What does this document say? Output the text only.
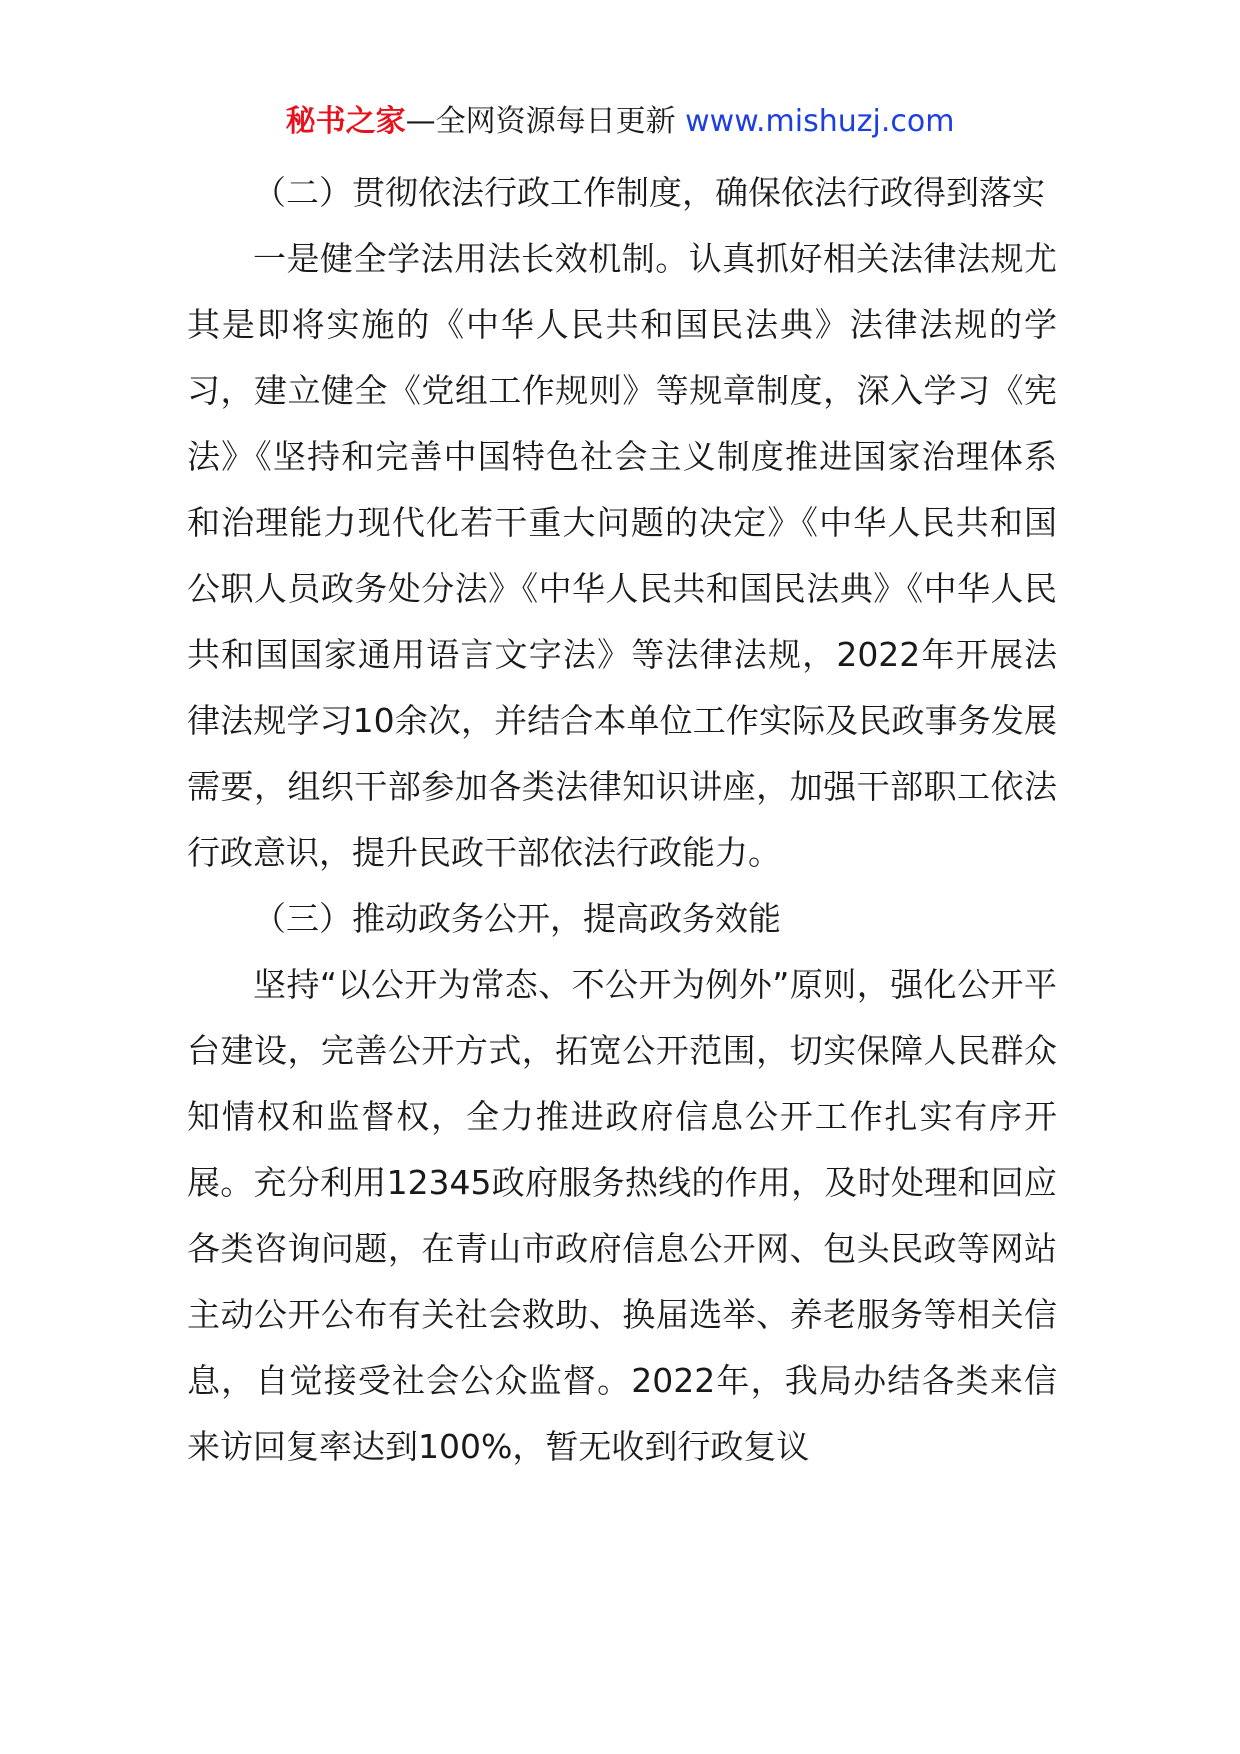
秘书之家—全网资源每日更新 www.mishuzj.com

（二）贯彻依法行政工作制度，确保依法行政得到落实

一是健全学法用法长效机制。认真抓好相关法律法规尤其是即将实施的《中华人民共和国民法典》法律法规的学习，建立健全《党组工作规则》等规章制度，深入学习《宪法》《坚持和完善中国特色社会主义制度推进国家治理体系和治理能力现代化若干重大问题的决定》《中华人民共和国公职人员政务处分法》《中华人民共和国民法典》《中华人民共和国国家通用语言文字法》等法律法规，2022年开展法律法规学习10余次，并结合本单位工作实际及民政事务发展需要，组织干部参加各类法律知识讲座，加强干部职工依法行政意识，提升民政干部依法行政能力。

（三）推动政务公开，提高政务效能

坚持“以公开为常态、不公开为例外”原则，强化公开平台建设，完善公开方式，拓宽公开范围，切实保障人民群众知情权和监督权，全力推进政府信息公开工作扎实有序开展。充分利用12345政府服务热线的作用，及时处理和回应各类咨询问题，在青山市政府信息公开网、包头民政等网站主动公开公布有关社会救助、换届选举、养老服务等相关信息，自觉接受社会公众监督。2022年，我局办结各类来信来访回复率达到100%，暂无收到行政复议
